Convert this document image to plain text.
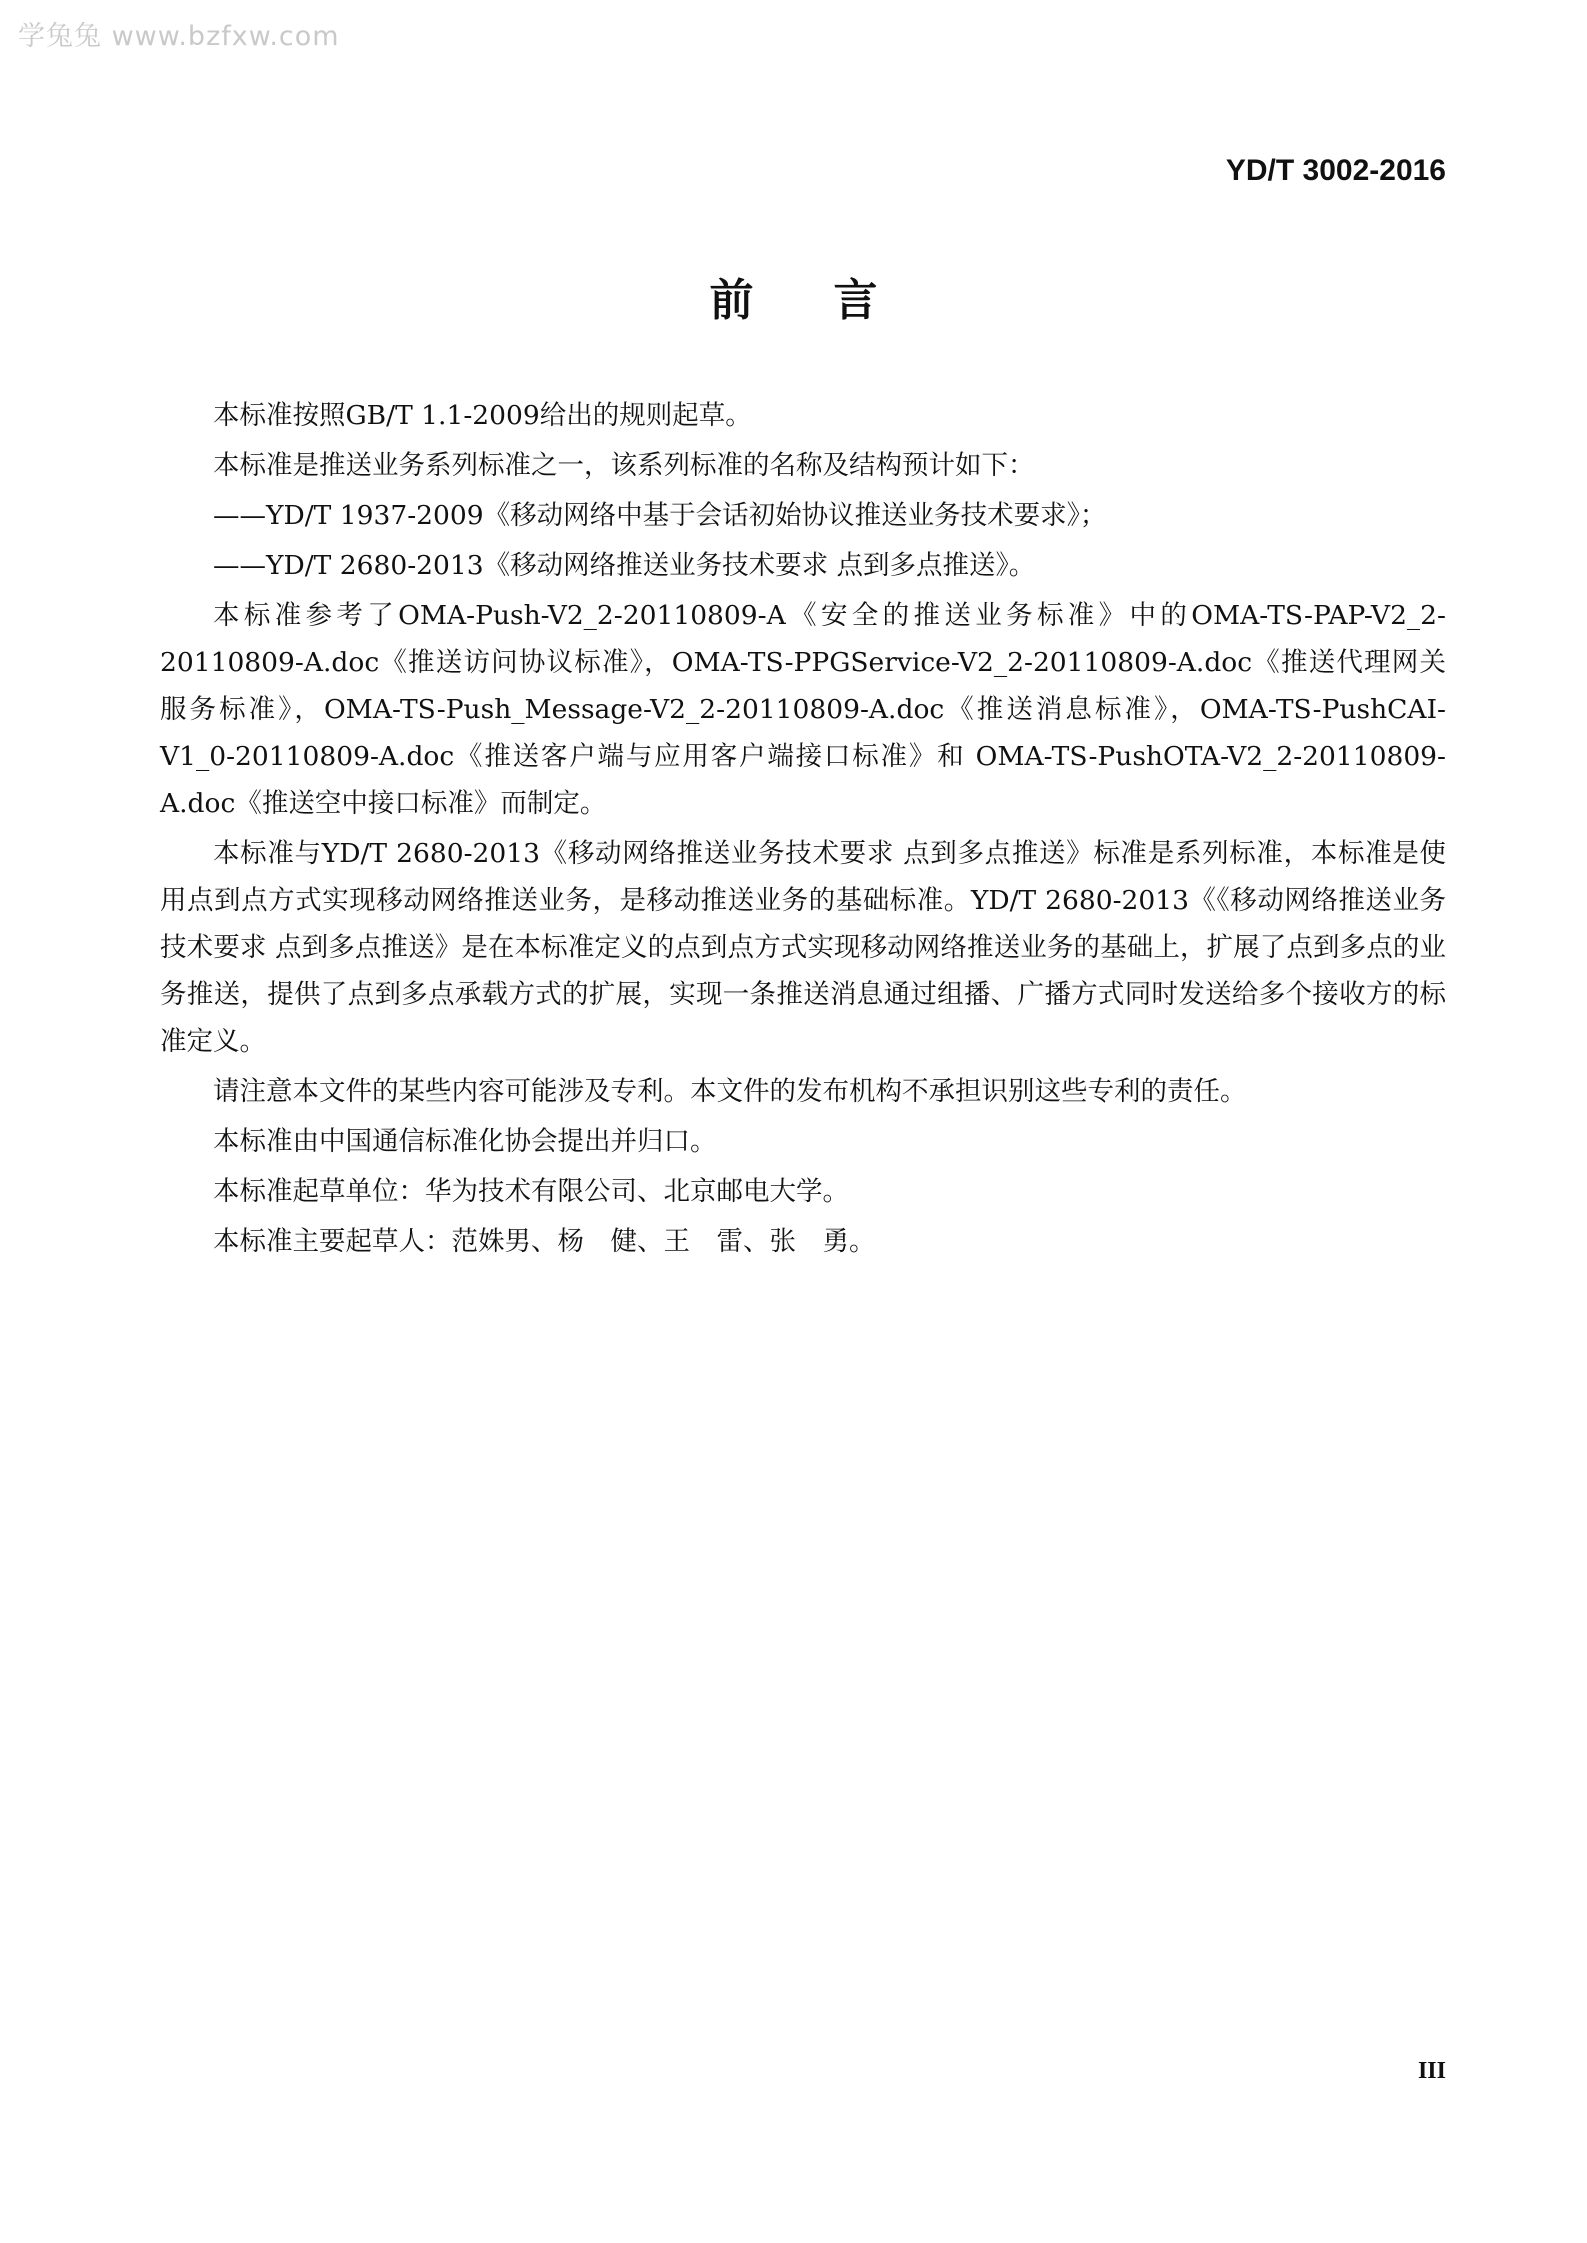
学兔兔 www.bzfxw.com
YD/T 3002-2016
前言

本标准按照GB/T 1.1-2009给出的规则起草。

本标准是推送业务系列标准之一，该系列标准的名称及结构预计如下：

——YD/T 1937-2009《移动网络中基于会话初始协议推送业务技术要求》；

——YD/T 2680-2013《移动网络推送业务技术要求 点到多点推送》。

本标准参考了OMA-Push-V2_2-20110809-A《安全的推送业务标准》中的OMA-TS-PAP-V2_2-20110809-A.doc《推送访问协议标准》，OMA-TS-PPGService-V2_2-20110809-A.doc《推送代理网关服务标准》，OMA-TS-Push_Message-V2_2-20110809-A.doc《推送消息标准》，OMA-TS-PushCAI-V1_0-20110809-A.doc《推送客户端与应用客户端接口标准》和 OMA-TS-PushOTA-V2_2-20110809-A.doc《推送空中接口标准》而制定。

本标准与YD/T 2680-2013《移动网络推送业务技术要求 点到多点推送》标准是系列标准，本标准是使用点到点方式实现移动网络推送业务，是移动推送业务的基础标准。YD/T 2680-2013《《移动网络推送业务技术要求 点到多点推送》是在本标准定义的点到点方式实现移动网络推送业务的基础上，扩展了点到多点的业务推送，提供了点到多点承载方式的扩展，实现一条推送消息通过组播、广播方式同时发送给多个接收方的标准定义。

请注意本文件的某些内容可能涉及专利。本文件的发布机构不承担识别这些专利的责任。

本标准由中国通信标准化协会提出并归口。

本标准起草单位：华为技术有限公司、北京邮电大学。

本标准主要起草人：范姝男、杨　健、王　雷、张　勇。

III
